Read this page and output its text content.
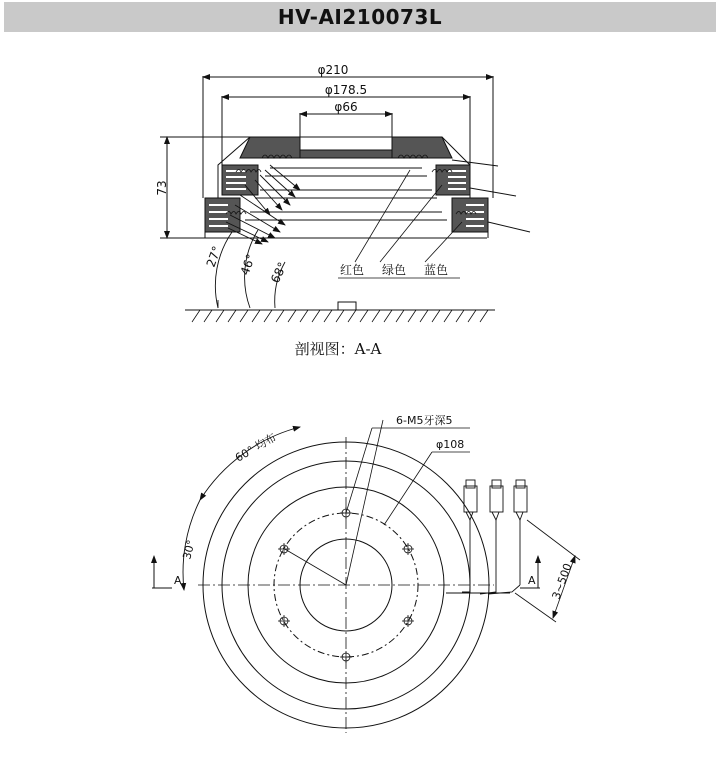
HV-AI210073L
φ210
φ178.5
φ66
73
27° 46° 68°	红色 绿色 蓝色
剖视图：A-A
60° 均布
30°
6-M5牙深5
φ108
3~500
A	A
